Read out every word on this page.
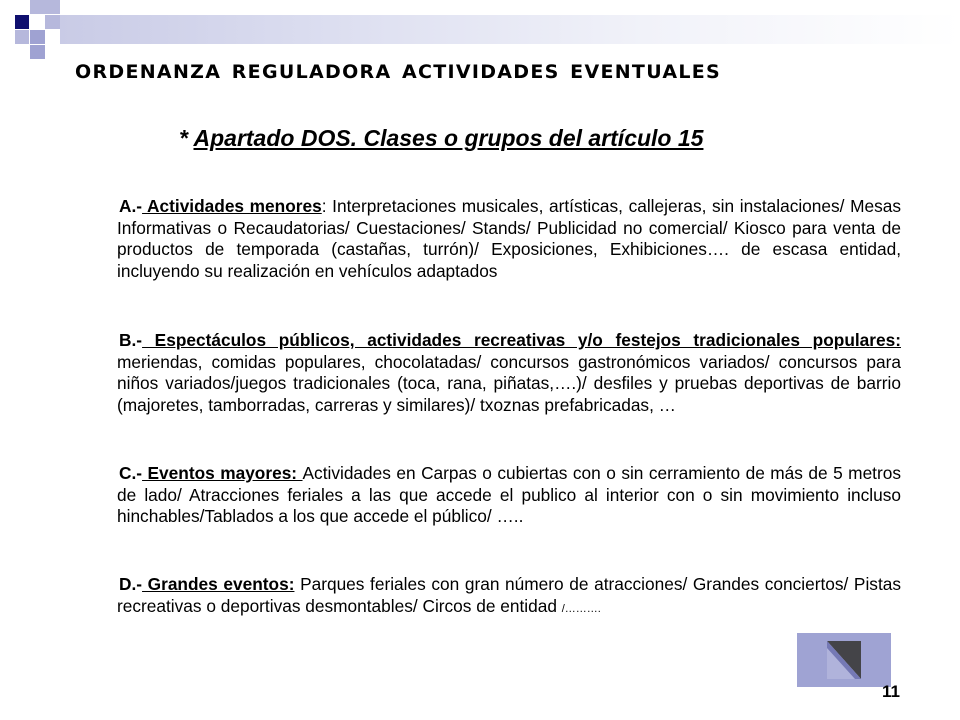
ordenanza reguladora actividades eventuales
* Apartado DOS. Clases o grupos del artículo 15
A.- Actividades menores: Interpretaciones musicales, artísticas, callejeras, sin instalaciones/ Mesas Informativas o Recaudatorias/ Cuestaciones/ Stands/ Publicidad no comercial/ Kiosco para venta de productos de temporada (castañas, turrón)/ Exposiciones, Exhibiciones…. de escasa entidad, incluyendo su realización en vehículos adaptados
B.- Espectáculos públicos, actividades recreativas y/o festejos tradicionales populares: meriendas, comidas populares, chocolatadas/ concursos gastronómicos variados/ concursos para niños variados/juegos tradicionales (toca, rana, piñatas,….)/ desfiles y pruebas deportivas de barrio (majoretes, tamborradas, carreras y similares)/ txoznas prefabricadas, …
C.- Eventos mayores: Actividades en Carpas o cubiertas con o sin cerramiento de más de 5 metros de lado/ Atracciones feriales a las que accede el publico al interior con o sin movimiento incluso hinchables/Tablados a los que accede el público/ …..
D.- Grandes eventos: Parques feriales con gran número de atracciones/ Grandes conciertos/ Pistas recreativas o deportivas desmontables/ Circos de entidad /……….
11
